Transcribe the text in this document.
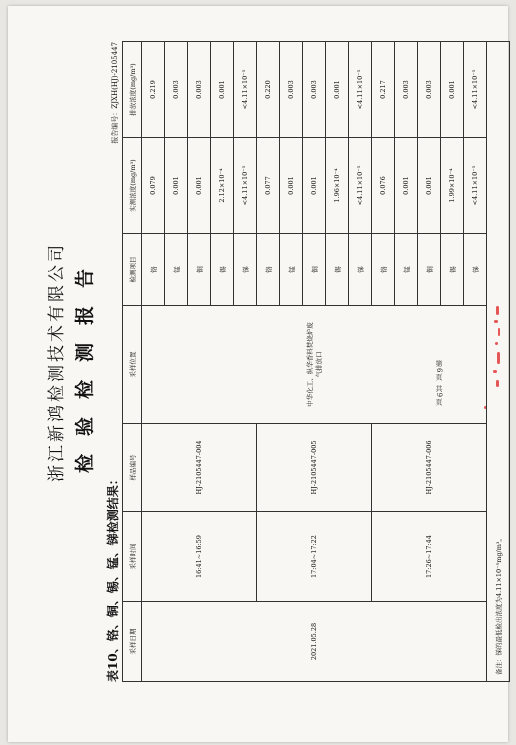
第6页 共9页
浙江新鸿检测技术有限公司 检验检测报告
表10、铬、铜、锡、锰、锑检测结果：
报告编号：ZJXH(HJ)-2105447
采样日期	采样时间	样品编号	采样位置	检测项目	实测浓度(mg/m³)	排放浓度(mg/m³)
2021.05.28	16:41~16:59	HJ-2105447-004	中华化工、纵华香料焚烧炉废气排放口	铬	0.079	0.219
				锰	0.001	0.003
				铜	0.001	0.003
				锡	2.12×10⁻⁴	0.001
				锑	<4.11×10⁻⁵	<4.11×10⁻⁵
	17:04~17:22	HJ-2105447-005		铬	0.077	0.220
				锰	0.001	0.003
				铜	0.001	0.003
				锡	1.96×10⁻⁴	0.001
				锑	<4.11×10⁻⁵	<4.11×10⁻⁵
	17:26~17:44	HJ-2105447-006		铬	0.076	0.217
				锰	0.001	0.003
				铜	0.001	0.003
				锡	1.99×10⁻⁴	0.001
				锑	<4.11×10⁻⁵	<4.11×10⁻⁵
备注：锑的最低检出浓度为4.11×10⁻⁵mg/m³。						
